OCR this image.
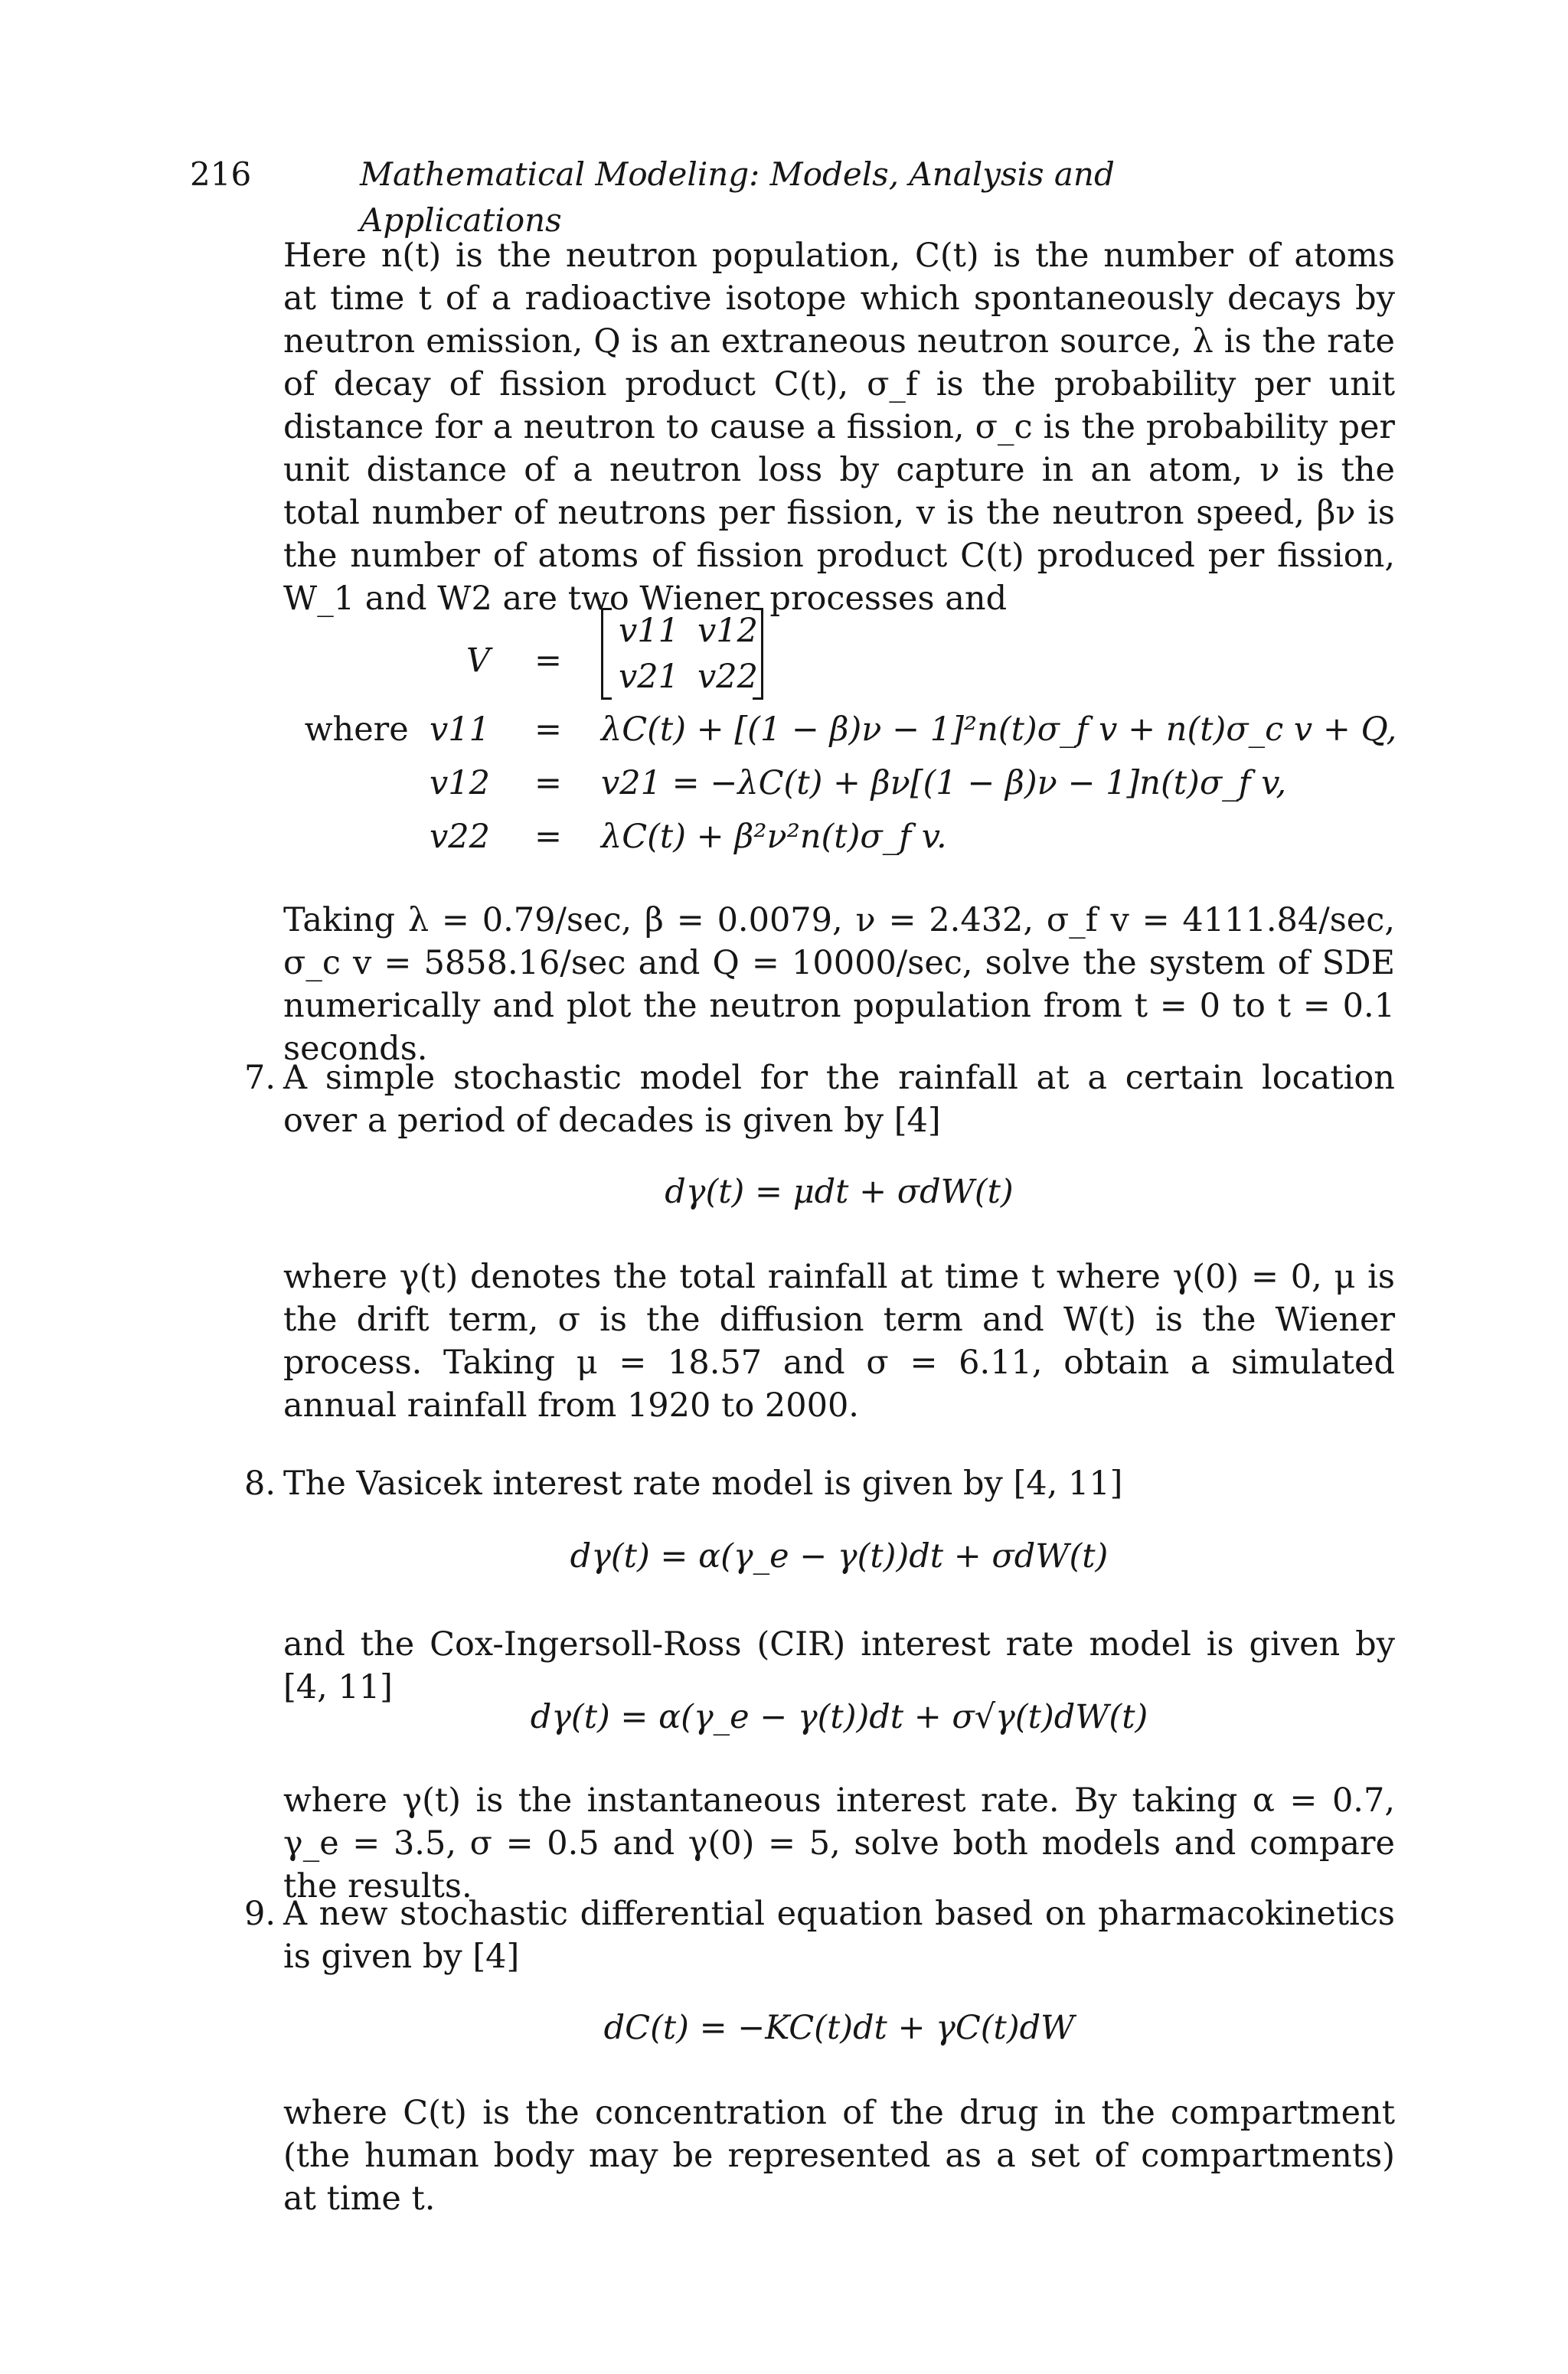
216	Mathematical Modeling: Models, Analysis and Applications

Here n(t) is the neutron population, C(t) is the number of atoms at time t of a radioactive isotope which spontaneously decays by neutron emission, Q is an extraneous neutron source, λ is the rate of decay of fission product C(t), σ_f is the probability per unit distance for a neutron to cause a fission, σ_c is the probability per unit distance of a neutron loss by capture in an atom, ν is the total number of neutrons per fission, v is the neutron speed, βν is the number of atoms of fission product C(t) produced per fission, W_1 and W2 are two Wiener processes and

V =
v11	v12
v21	v22
where v11 = λC(t) + [(1 − β)ν − 1]²n(t)σ_f v + n(t)σ_c v + Q,
v12 = v21 = −λC(t) + βν[(1 − β)ν − 1]n(t)σ_f v,
v22 = λC(t) + β²ν²n(t)σ_f v.

Taking λ = 0.79/sec, β = 0.0079, ν = 2.432, σ_f v = 4111.84/sec, σ_c v = 5858.16/sec and Q = 10000/sec, solve the system of SDE numerically and plot the neutron population from t = 0 to t = 0.1 seconds.

7. A simple stochastic model for the rainfall at a certain location over a period of decades is given by [4]

dγ(t) = μdt + σdW(t)

where γ(t) denotes the total rainfall at time t where γ(0) = 0, μ is the drift term, σ is the diffusion term and W(t) is the Wiener process. Taking μ = 18.57 and σ = 6.11, obtain a simulated annual rainfall from 1920 to 2000.

8. The Vasicek interest rate model is given by [4, 11]

dγ(t) = α(γ_e − γ(t))dt + σdW(t)

and the Cox-Ingersoll-Ross (CIR) interest rate model is given by [4, 11]

dγ(t) = α(γ_e − γ(t))dt + σ√γ(t)dW(t)

where γ(t) is the instantaneous interest rate. By taking α = 0.7, γ_e = 3.5, σ = 0.5 and γ(0) = 5, solve both models and compare the results.

9. A new stochastic differential equation based on pharmacokinetics is given by [4]

dC(t) = −KC(t)dt + γC(t)dW

where C(t) is the concentration of the drug in the compartment (the human body may be represented as a set of compartments) at time t.
